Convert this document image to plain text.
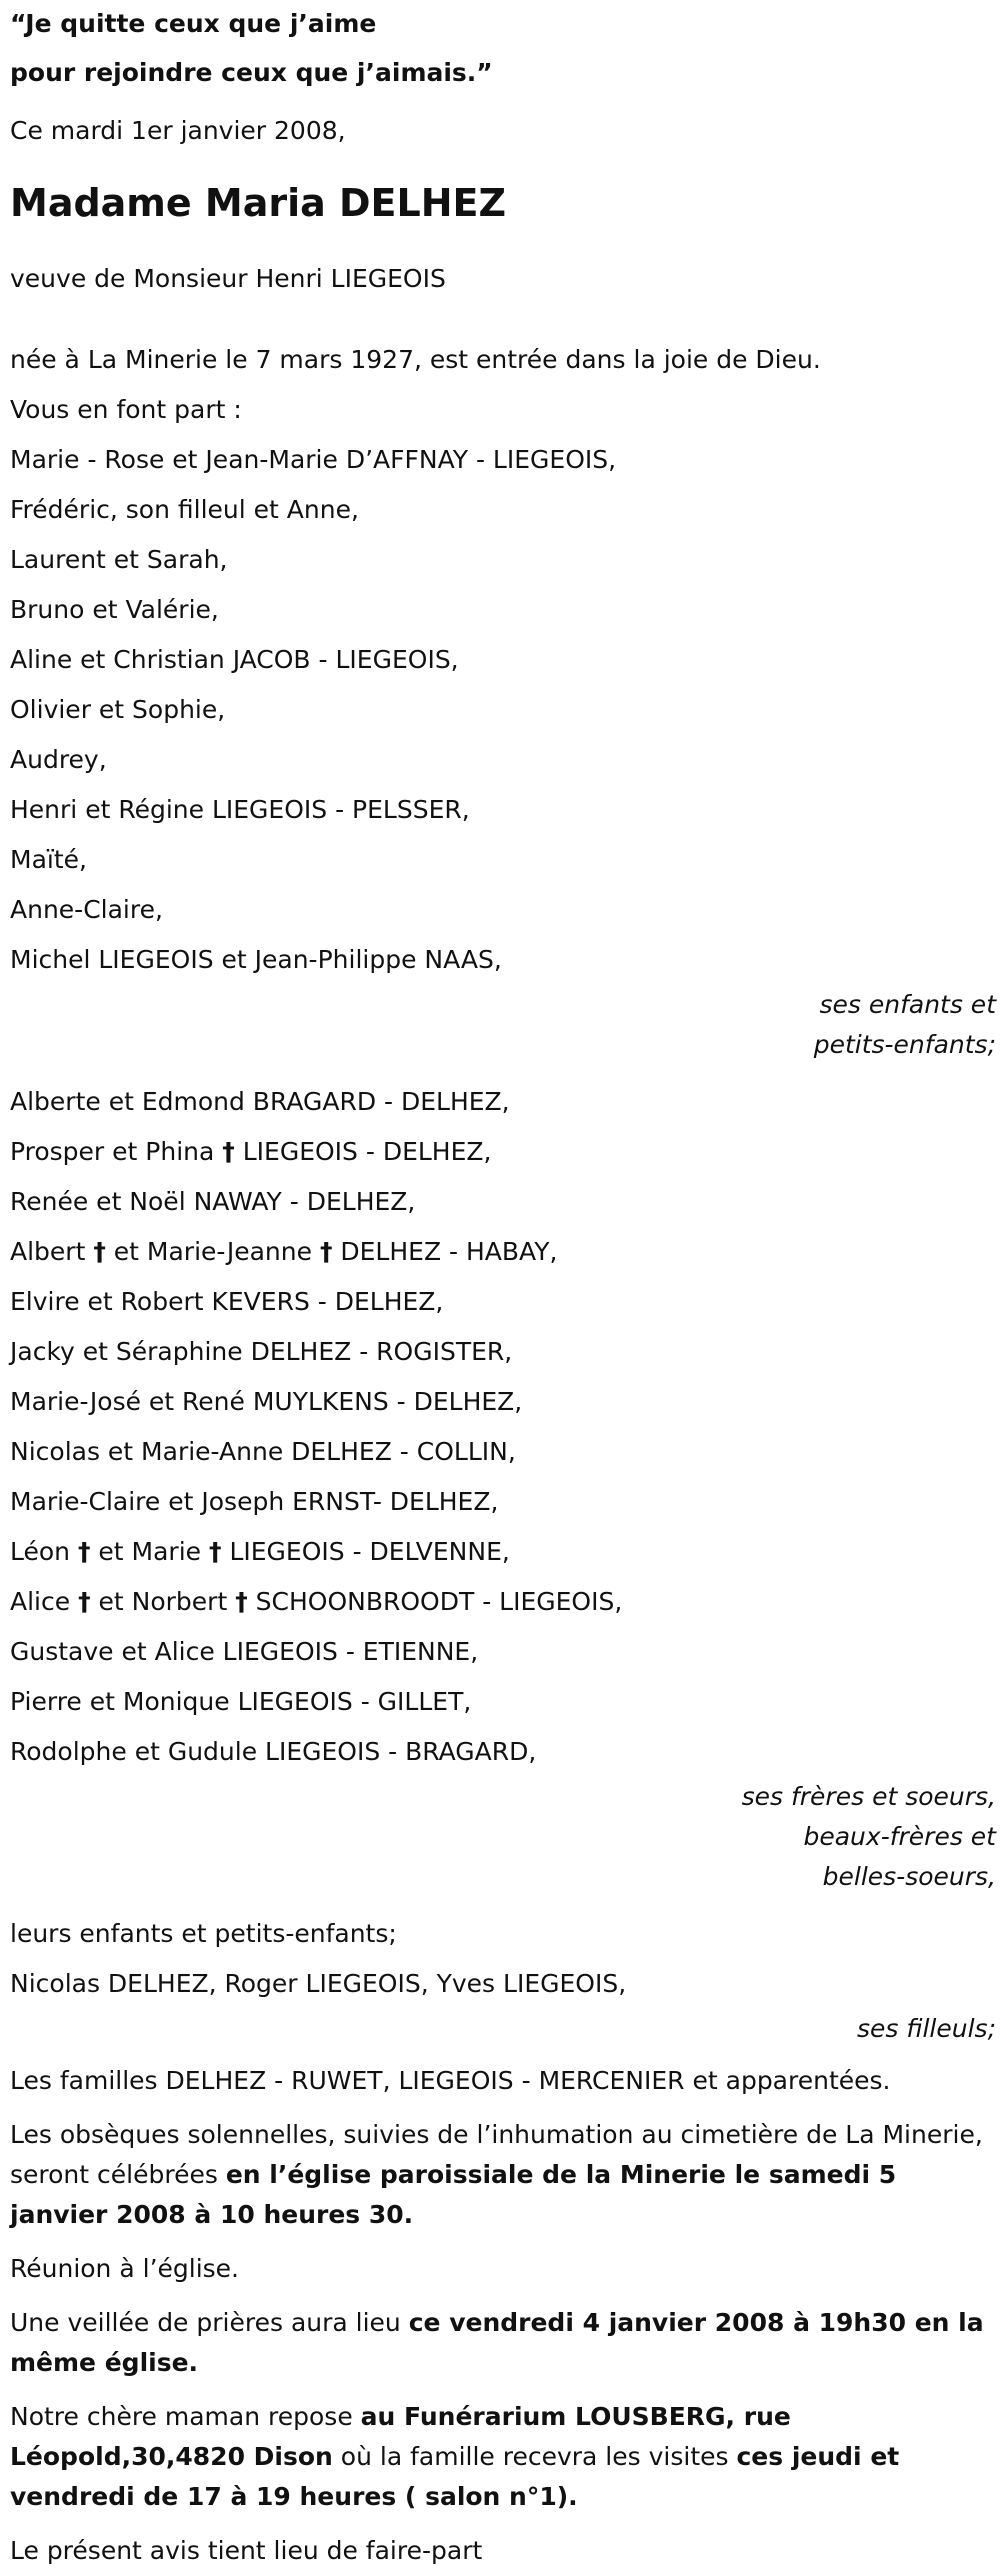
“Je quitte ceux que j’aime

pour rejoindre ceux que j’aimais.”

Ce mardi 1er janvier 2008,

Madame Maria DELHEZ

veuve de Monsieur Henri LIEGEOIS

née à La Minerie le 7 mars 1927, est entrée dans la joie de Dieu.

Vous en font part :

Marie - Rose et Jean-Marie D’AFFNAY - LIEGEOIS,

Frédéric, son filleul et Anne,

Laurent et Sarah,

Bruno et Valérie,

Aline et Christian JACOB - LIEGEOIS,

Olivier et Sophie,

Audrey,

Henri et Régine LIEGEOIS - PELSSER,

Maïté,

Anne-Claire,

Michel LIEGEOIS et Jean-Philippe NAAS,

ses enfants et

petits-enfants;

Alberte et Edmond BRAGARD - DELHEZ,

Prosper et Phina † LIEGEOIS - DELHEZ,

Renée et Noël NAWAY - DELHEZ,

Albert † et Marie-Jeanne † DELHEZ - HABAY,

Elvire et Robert KEVERS - DELHEZ,

Jacky et Séraphine DELHEZ - ROGISTER,

Marie-José et René MUYLKENS - DELHEZ,

Nicolas et Marie-Anne DELHEZ - COLLIN,

Marie-Claire et Joseph ERNST- DELHEZ,

Léon † et Marie † LIEGEOIS - DELVENNE,

Alice † et Norbert † SCHOONBROODT - LIEGEOIS,

Gustave et Alice LIEGEOIS - ETIENNE,

Pierre et Monique LIEGEOIS - GILLET,

Rodolphe et Gudule LIEGEOIS - BRAGARD,

ses frères et soeurs,

beaux-frères et

belles-soeurs,

leurs enfants et petits-enfants;

Nicolas DELHEZ, Roger LIEGEOIS, Yves LIEGEOIS,

ses filleuls;

Les familles DELHEZ - RUWET, LIEGEOIS - MERCENIER et apparentées.

Les obsèques solennelles, suivies de l’inhumation au cimetière de La Minerie, seront célébrées en l’église paroissiale de la Minerie le samedi 5 janvier 2008 à 10 heures 30.

Réunion à l’église.

Une veillée de prières aura lieu ce vendredi 4 janvier 2008 à 19h30 en la même église.

Notre chère maman repose au Funérarium LOUSBERG, rue Léopold,30,4820 Dison où la famille recevra les visites ces jeudi et vendredi de 17 à 19 heures ( salon n°1).

Le présent avis tient lieu de faire-part
